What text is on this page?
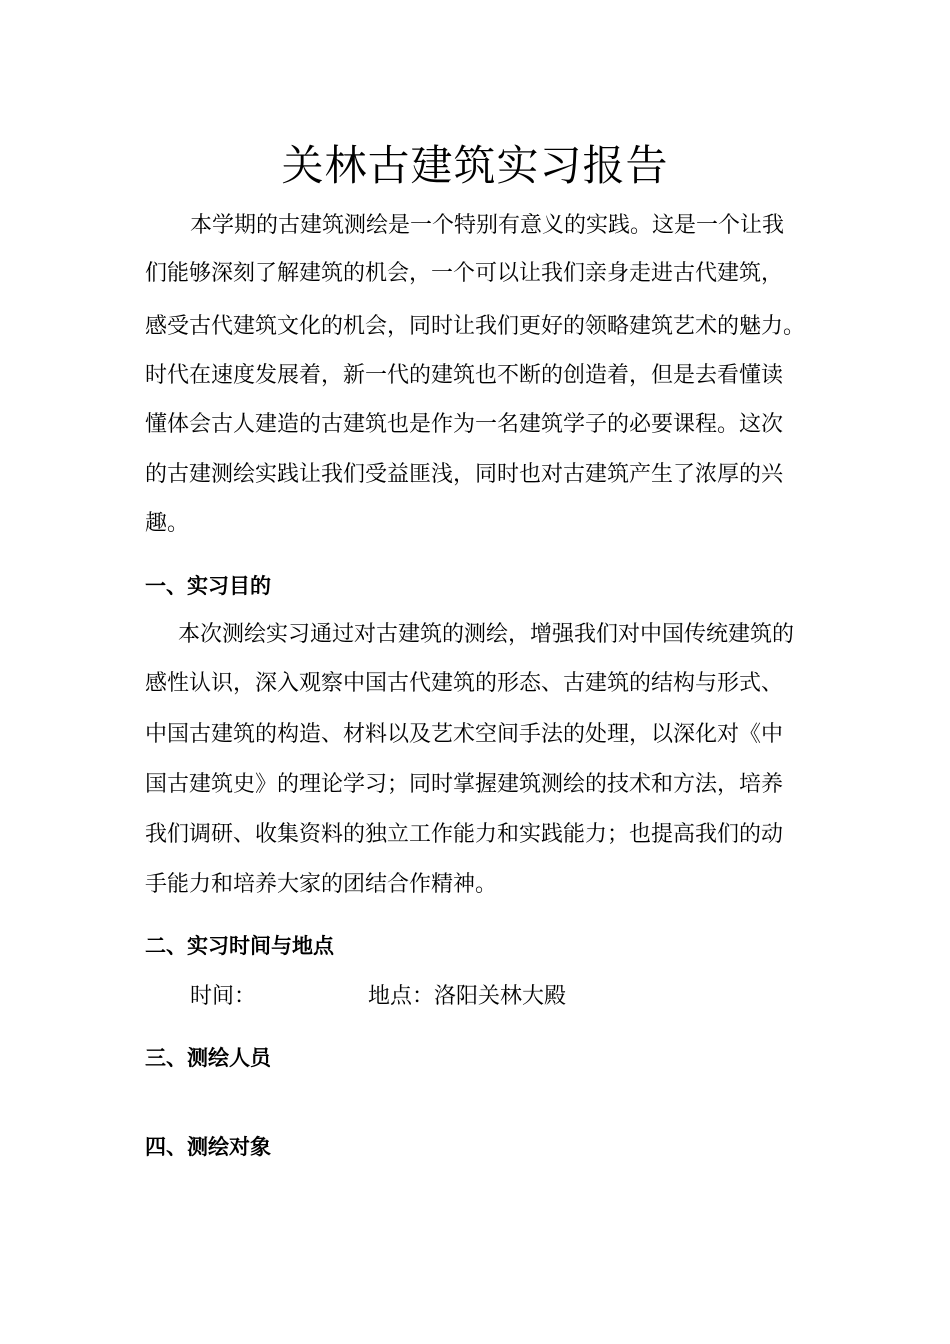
关林古建筑实习报告
本学期的古建筑测绘是一个特别有意义的实践。这是一个让我
们能够深刻了解建筑的机会，一个可以让我们亲身走进古代建筑，
感受古代建筑文化的机会，同时让我们更好的领略建筑艺术的魅力。
时代在速度发展着，新一代的建筑也不断的创造着，但是去看懂读
懂体会古人建造的古建筑也是作为一名建筑学子的必要课程。这次
的古建测绘实践让我们受益匪浅，同时也对古建筑产生了浓厚的兴
趣。
一、实习目的
本次测绘实习通过对古建筑的测绘，增强我们对中国传统建筑的
感性认识，深入观察中国古代建筑的形态、古建筑的结构与形式、
中国古建筑的构造、材料以及艺术空间手法的处理，以深化对《中
国古建筑史》的理论学习；同时掌握建筑测绘的技术和方法，培养
我们调研、收集资料的独立工作能力和实践能力；也提高我们的动
手能力和培养大家的团结合作精神。
二、实习时间与地点
时间：	地点：洛阳关林大殿
三、测绘人员
四、测绘对象
